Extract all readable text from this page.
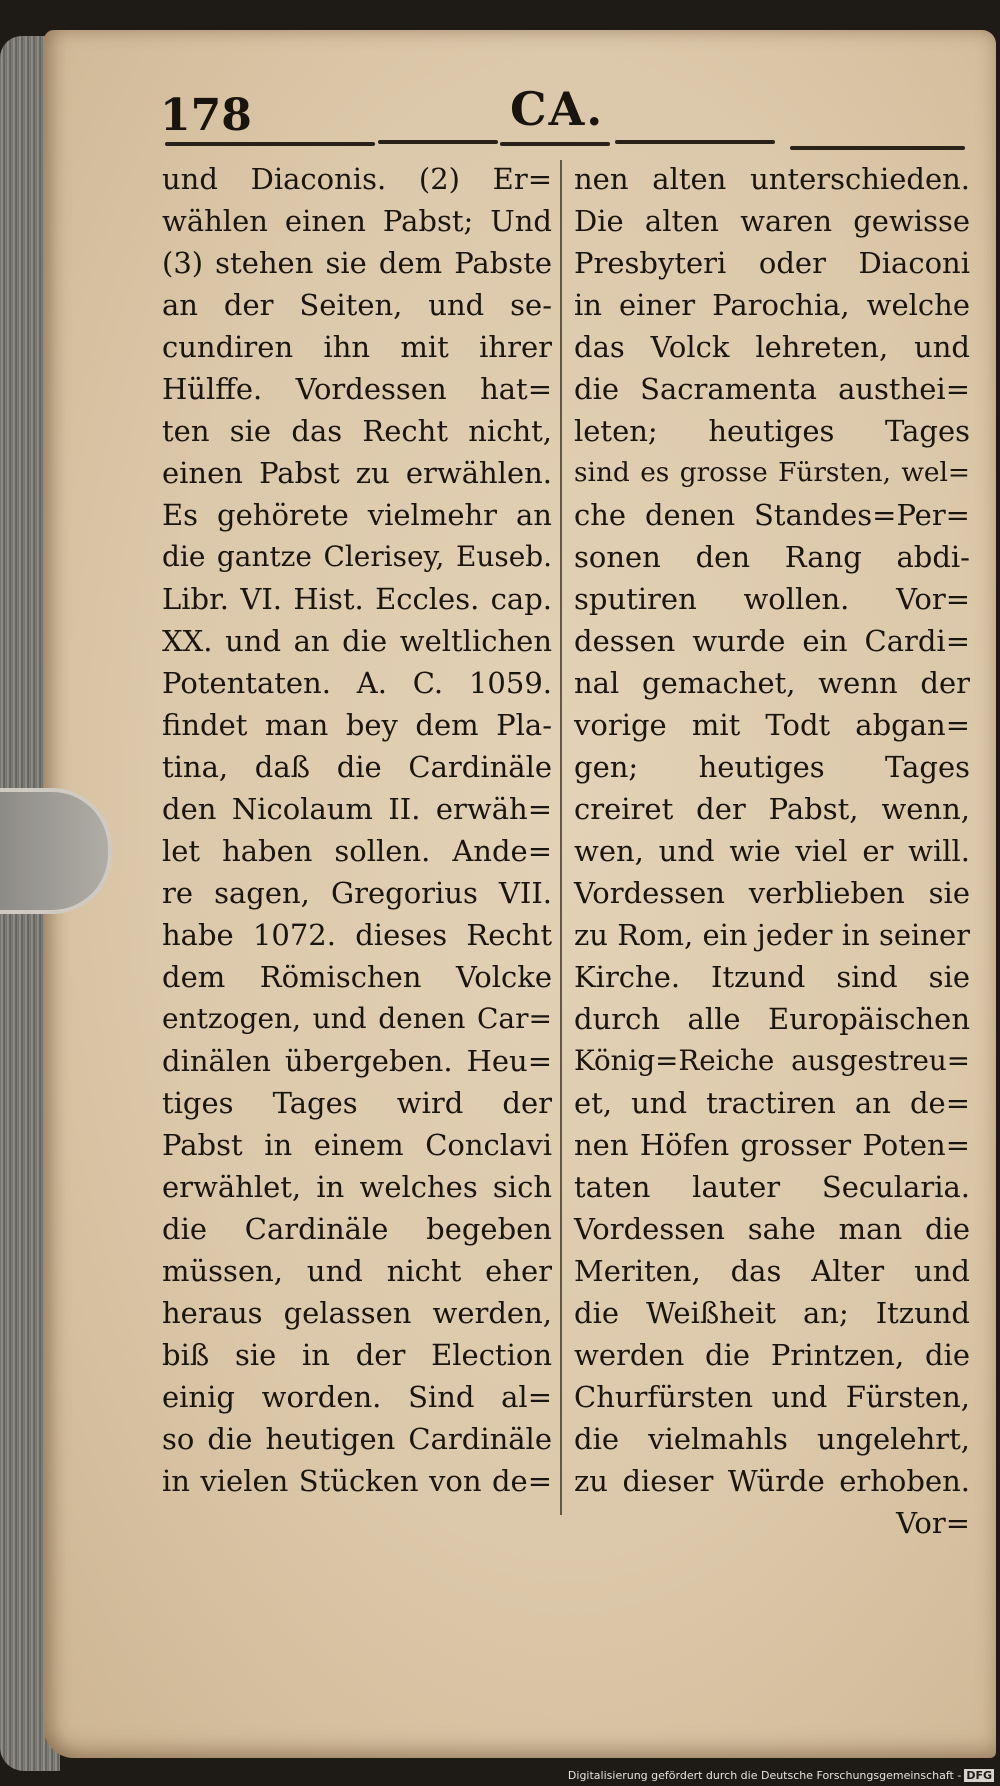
178	CA.
und Diaconis. (2) Er=
wählen einen Pabst; Und
(3) stehen sie dem Pabste
an der Seiten, und se-
cundiren ihn mit ihrer
Hülffe. Vordessen hat=
ten sie das Recht nicht,
einen Pabst zu erwählen.
Es gehörete vielmehr an
die gantze Clerisey, Euseb.
Libr. VI. Hist. Eccles. cap.
XX. und an die weltlichen
Potentaten. A. C. 1059.
findet man bey dem Pla-
tina, daß die Cardinäle
den Nicolaum II. erwäh=
let haben sollen. Ande=
re sagen, Gregorius VII.
habe 1072. dieses Recht
dem Römischen Volcke
entzogen, und denen Car=
dinälen übergeben. Heu=
tiges Tages wird der
Pabst in einem Conclavi
erwählet, in welches sich
die Cardinäle begeben
müssen, und nicht eher
heraus gelassen werden,
biß sie in der Election
einig worden. Sind al=
so die heutigen Cardinäle
in vielen Stücken von de=
nen alten unterschieden.
Die alten waren gewisse
Presbyteri oder Diaconi
in einer Parochia, welche
das Volck lehreten, und
die Sacramenta austhei=
leten; heutiges Tages
sind es grosse Fürsten, wel=
che denen Standes=Per=
sonen den Rang abdi-
sputiren wollen. Vor=
dessen wurde ein Cardi=
nal gemachet, wenn der
vorige mit Todt abgan=
gen; heutiges Tages
creiret der Pabst, wenn,
wen, und wie viel er will.
Vordessen verblieben sie
zu Rom, ein jeder in seiner
Kirche. Itzund sind sie
durch alle Europäischen
König=Reiche ausgestreu=
et, und tractiren an de=
nen Höfen grosser Poten=
taten lauter Secularia.
Vordessen sahe man die
Meriten, das Alter und
die Weißheit an; Itzund
werden die Printzen, die
Churfürsten und Fürsten,
die vielmahls ungelehrt,
zu dieser Würde erhoben.
Vor=
Digitalisierung gefördert durch die Deutsche Forschungsgemeinschaft - DFG
